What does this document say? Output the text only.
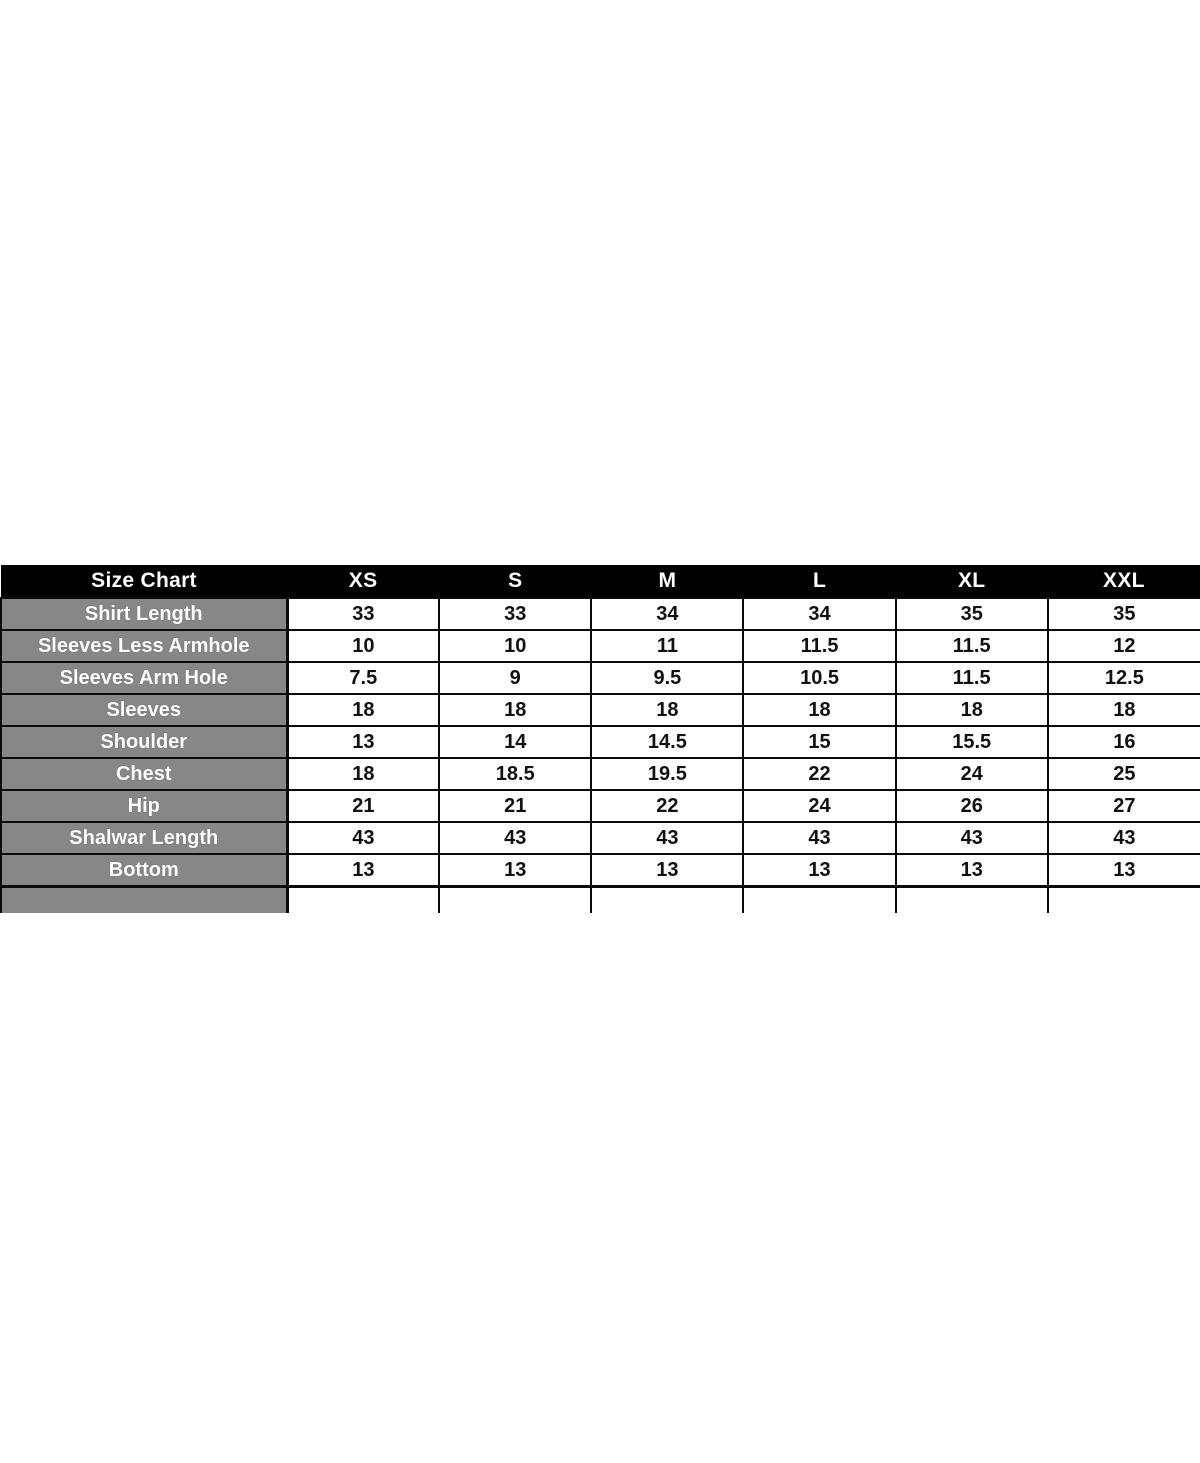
Size Chart	XS	S	M	L	XL	XXL
Shirt Length	33	33	34	34	35	35
Sleeves Less Armhole	10	10	11	11.5	11.5	12
Sleeves Arm Hole	7.5	9	9.5	10.5	11.5	12.5
Sleeves	18	18	18	18	18	18
Shoulder	13	14	14.5	15	15.5	16
Chest	18	18.5	19.5	22	24	25
Hip	21	21	22	24	26	27
Shalwar Length	43	43	43	43	43	43
Bottom	13	13	13	13	13	13
